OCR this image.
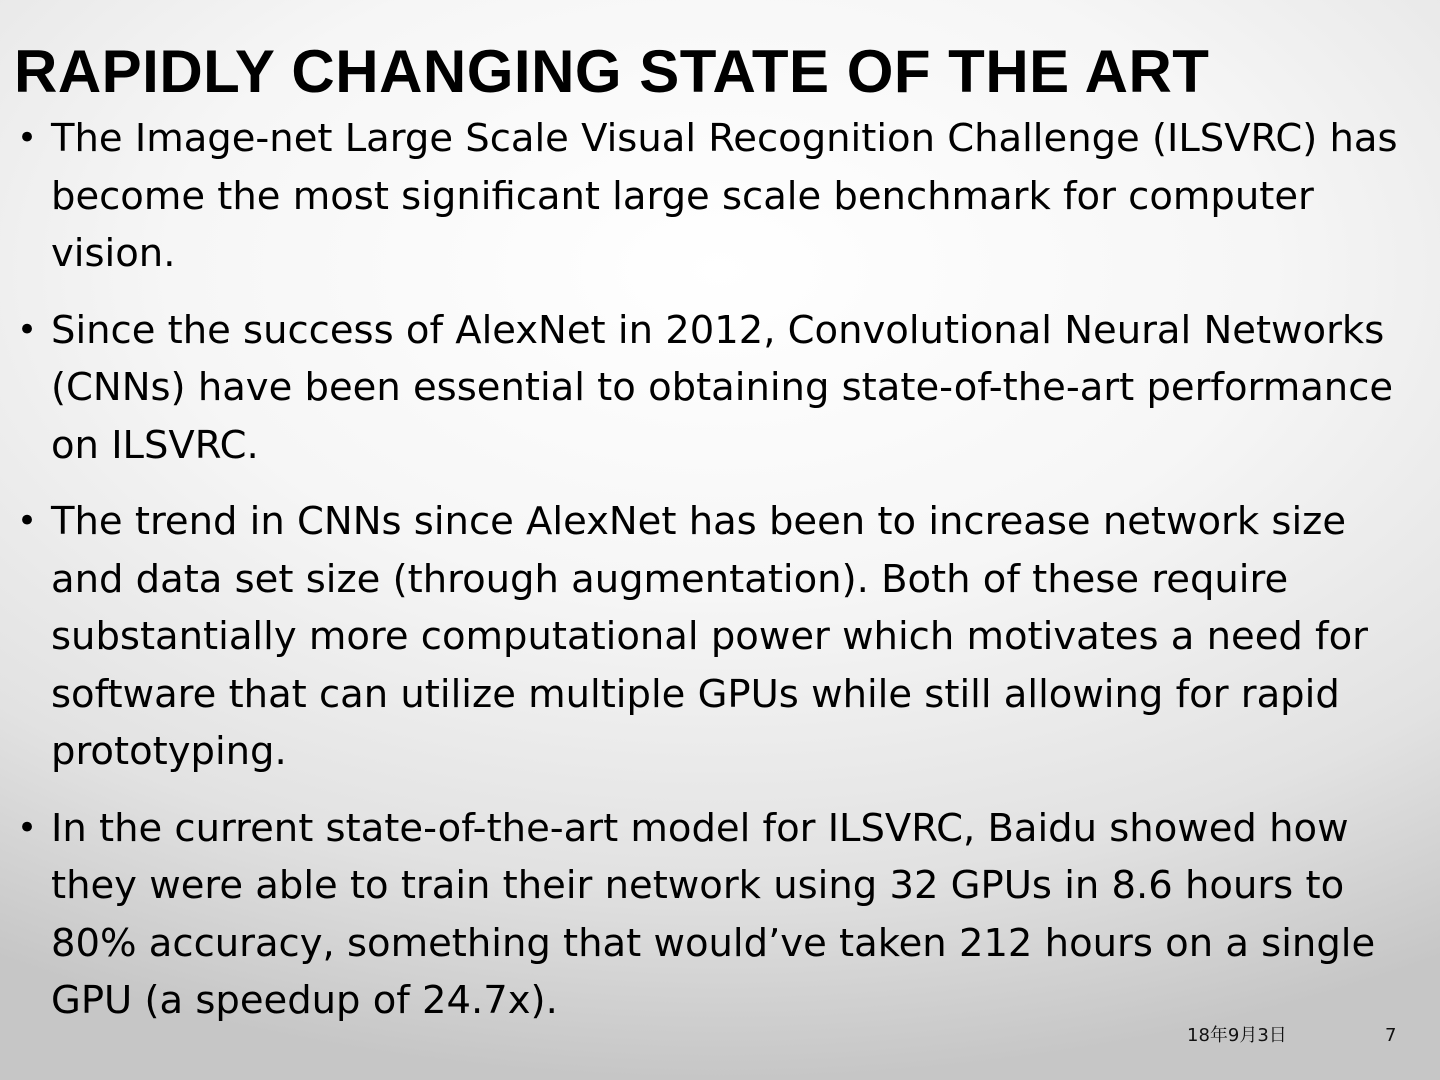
RAPIDLY CHANGING STATE OF THE ART
• The Image-net Large Scale Visual Recognition Challenge (ILSVRC) has become the most significant large scale benchmark for computer vision.
• Since the success of AlexNet in 2012, Convolutional Neural Networks (CNNs) have been essential to obtaining state-of-the-art performance on ILSVRC.
• The trend in CNNs since AlexNet has been to increase network size and data set size (through augmentation). Both of these require substantially more computational power which motivates a need for software that can utilize multiple GPUs while still allowing for rapid prototyping.
• In the current state-of-the-art model for ILSVRC, Baidu showed how they were able to train their network using 32 GPUs in 8.6 hours to 80% accuracy, something that would’ve taken 212 hours on a single GPU (a speedup of 24.7x).
18年9月3日	7
